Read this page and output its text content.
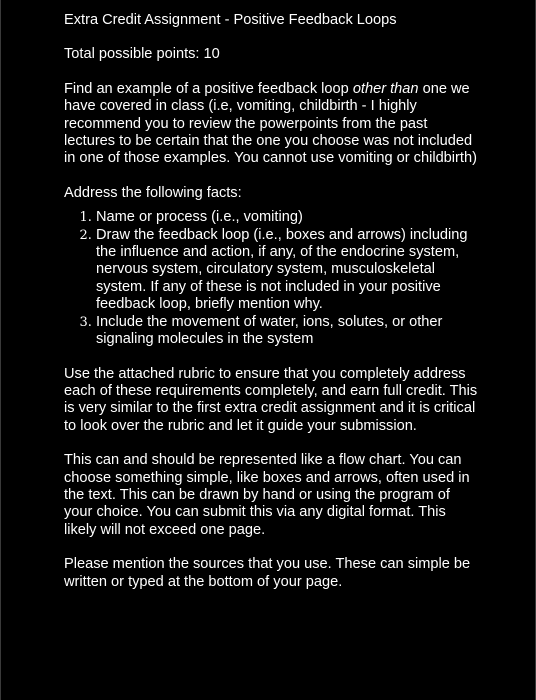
Extra Credit Assignment - Positive Feedback Loops

Total possible points: 10

Find an example of a positive feedback loop other than one we have covered in class (i.e, vomiting, childbirth - I highly recommend you to review the powerpoints from the past lectures to be certain that the one you choose was not included in one of those examples. You cannot use vomiting or childbirth)

Address the following facts:

1. Name or process (i.e., vomiting)
2. Draw the feedback loop (i.e., boxes and arrows) including the influence and action, if any, of the endocrine system, nervous system, circulatory system, musculoskeletal system. If any of these is not included in your positive feedback loop, briefly mention why.
3. Include the movement of water, ions, solutes, or other signaling molecules in the system

Use the attached rubric to ensure that you completely address each of these requirements completely, and earn full credit. This is very similar to the first extra credit assignment and it is critical to look over the rubric and let it guide your submission.

This can and should be represented like a flow chart. You can choose something simple, like boxes and arrows, often used in the text. This can be drawn by hand or using the program of your choice. You can submit this via any digital format. This likely will not exceed one page.

Please mention the sources that you use. These can simple be written or typed at the bottom of your page.
